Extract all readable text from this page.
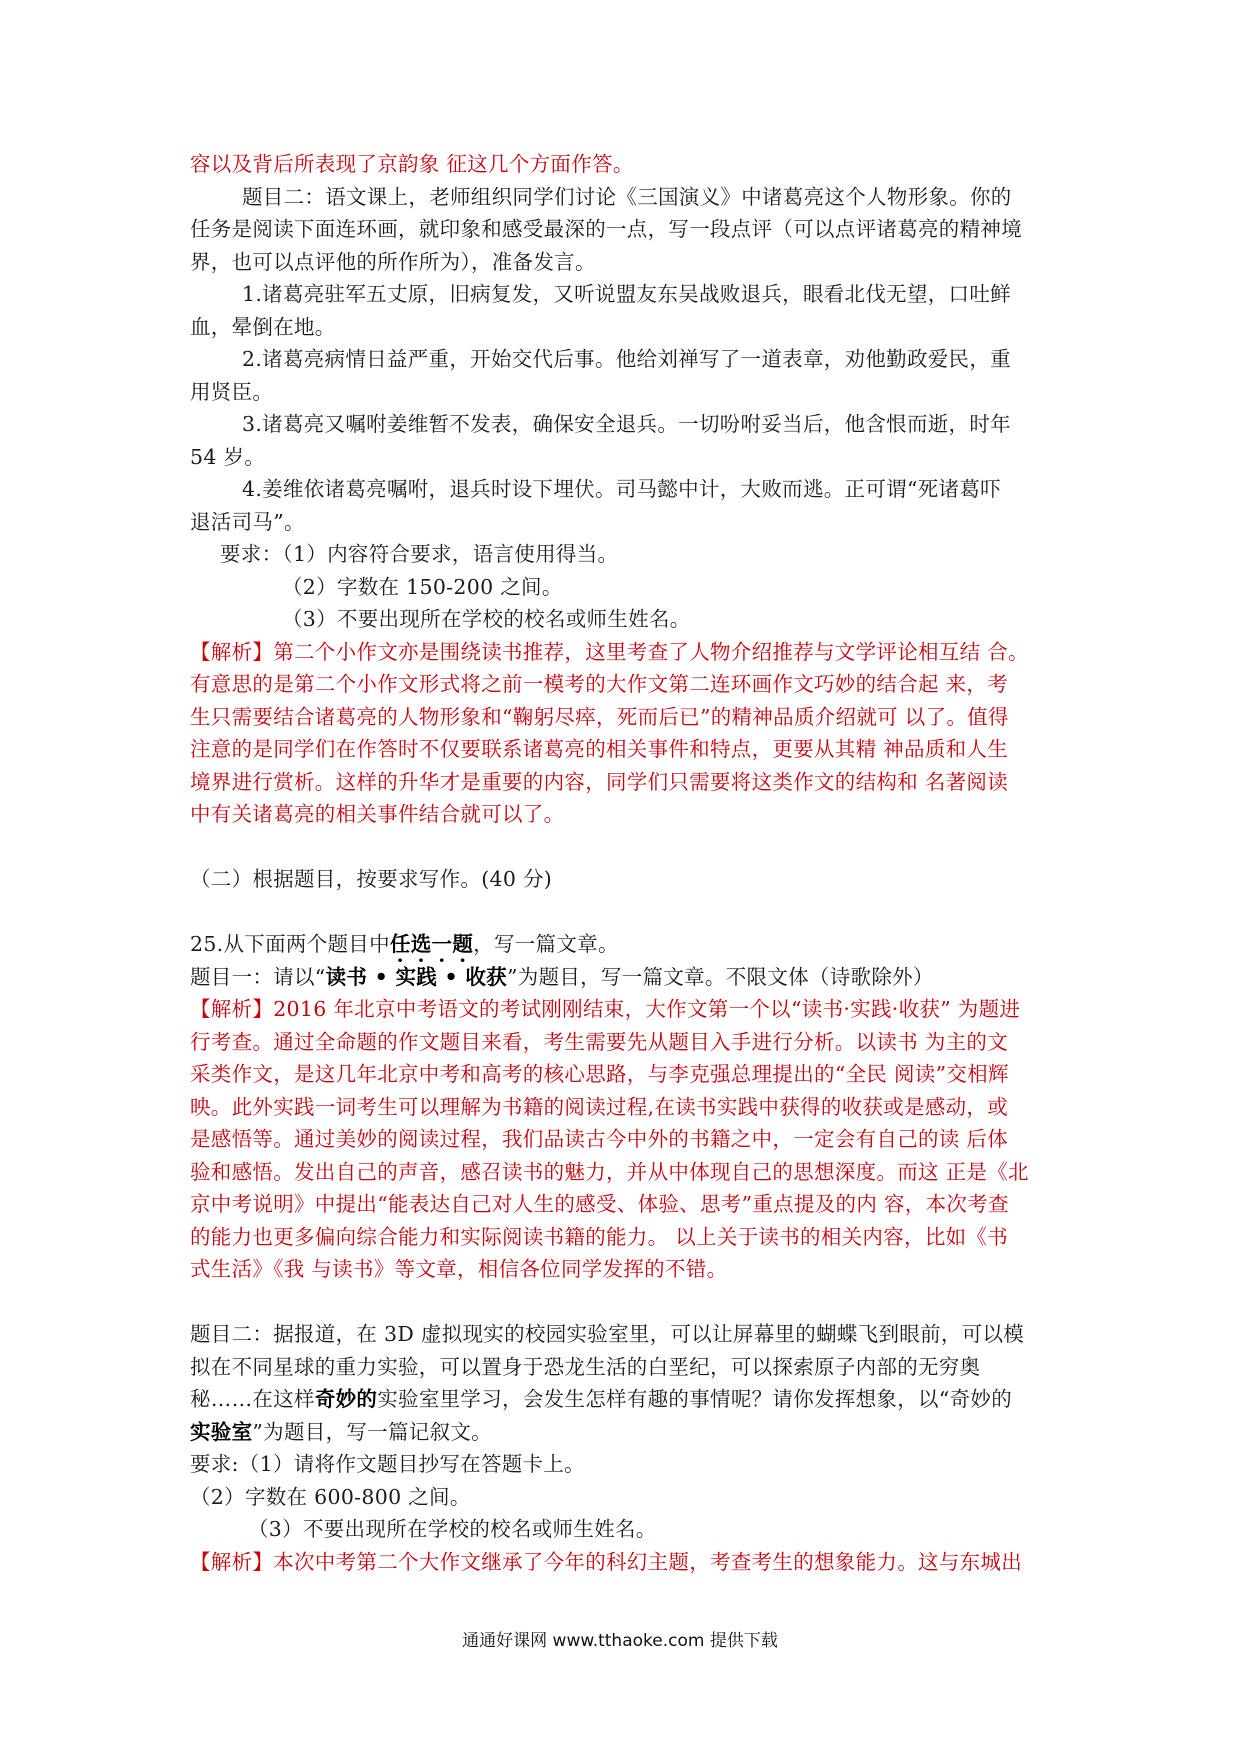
容以及背后所表现了京韵象 征这几个方面作答。
题目二：语文课上，老师组织同学们讨论《三国演义》中诸葛亮这个人物形象。你的
任务是阅读下面连环画，就印象和感受最深的一点，写一段点评（可以点评诸葛亮的精神境
界，也可以点评他的所作所为），准备发言。
1.诸葛亮驻军五丈原，旧病复发，又听说盟友东吴战败退兵，眼看北伐无望，口吐鲜
血，晕倒在地。
2.诸葛亮病情日益严重，开始交代后事。他给刘禅写了一道表章，劝他勤政爱民，重
用贤臣。
3.诸葛亮又嘱咐姜维暂不发表，确保安全退兵。一切吩咐妥当后，他含恨而逝，时年
54 岁。
4.姜维依诸葛亮嘱咐，退兵时设下埋伏。司马懿中计，大败而逃。正可谓“死诸葛吓
退活司马”。
要求：（1）内容符合要求，语言使用得当。
（2）字数在 150-200 之间。
（3）不要出现所在学校的校名或师生姓名。
【解析】第二个小作文亦是围绕读书推荐，这里考查了人物介绍推荐与文学评论相互结 合。
有意思的是第二个小作文形式将之前一模考的大作文第二连环画作文巧妙的结合起 来，考
生只需要结合诸葛亮的人物形象和“鞠躬尽瘁，死而后已”的精神品质介绍就可 以了。值得
注意的是同学们在作答时不仅要联系诸葛亮的相关事件和特点，更要从其精 神品质和人生
境界进行赏析。这样的升华才是重要的内容，同学们只需要将这类作文的结构和 名著阅读
中有关诸葛亮的相关事件结合就可以了。
（二）根据题目，按要求写作。(40 分)
25.从下面两个题目中任选一题，写一篇文章。
题目一：请以“读书 • 实践 • 收获”为题目，写一篇文章。不限文体（诗歌除外）
【解析】2016 年北京中考语文的考试刚刚结束，大作文第一个以“读书·实践·收获” 为题进
行考查。通过全命题的作文题目来看，考生需要先从题目入手进行分析。以读书 为主的文
采类作文，是这几年北京中考和高考的核心思路，与李克强总理提出的“全民 阅读”交相辉
映。此外实践一词考生可以理解为书籍的阅读过程,在读书实践中获得的收获或是感动，或
是感悟等。通过美妙的阅读过程，我们品读古今中外的书籍之中，一定会有自己的读 后体
验和感悟。发出自己的声音，感召读书的魅力，并从中体现自己的思想深度。而这 正是《北
京中考说明》中提出“能表达自己对人生的感受、体验、思考”重点提及的内 容，本次考查
的能力也更多偏向综合能力和实际阅读书籍的能力。 以上关于读书的相关内容，比如《书
式生活》《我 与读书》等文章，相信各位同学发挥的不错。
题目二：据报道，在 3D 虚拟现实的校园实验室里，可以让屏幕里的蝴蝶飞到眼前，可以模
拟在不同星球的重力实验，可以置身于恐龙生活的白垩纪，可以探索原子内部的无穷奥
秘……在这样奇妙的实验室里学习，会发生怎样有趣的事情呢？请你发挥想象，以“奇妙的
实验室”为题目，写一篇记叙文。
要求:（1）请将作文题目抄写在答题卡上。
（2）字数在 600-800 之间。
（3）不要出现所在学校的校名或师生姓名。
【解析】本次中考第二个大作文继承了今年的科幻主题，考查考生的想象能力。这与东城出
通通好课网 www.tthaoke.com 提供下载
